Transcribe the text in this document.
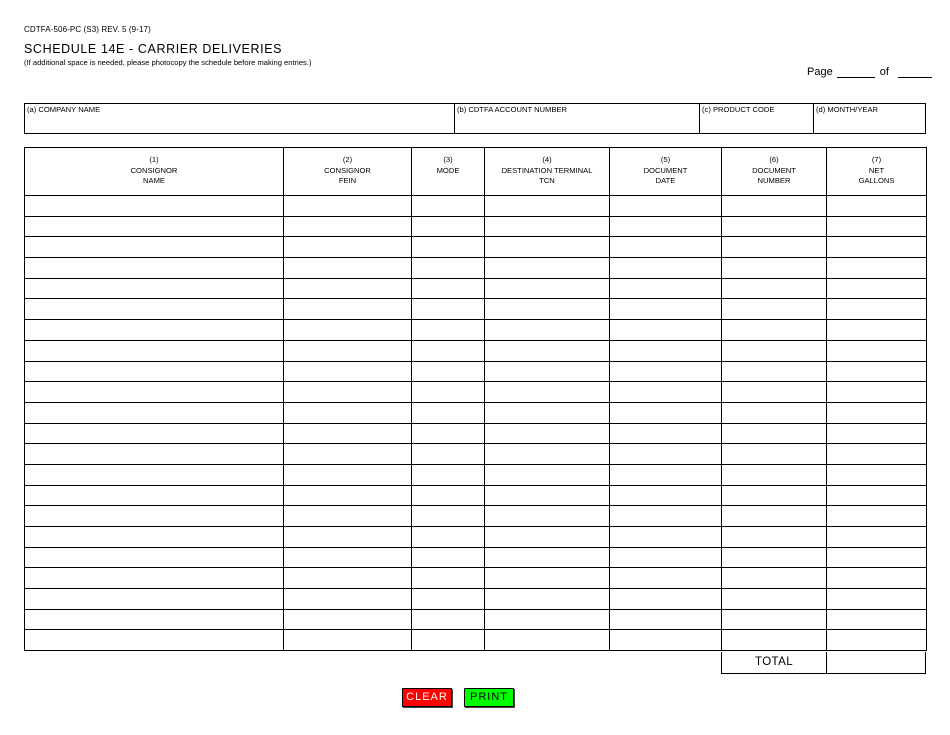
CDTFA-506-PC (S3) REV. 5 (9-17)
SCHEDULE 14E - CARRIER DELIVERIES
(If additional space is needed, please photocopy the schedule before making entries.)
Page	of
(a) COMPANY NAME	(b) CDTFA ACCOUNT NUMBER	(c) PRODUCT CODE	(d) MONTH/YEAR
(1)
CONSIGNOR
NAME	(2)
CONSIGNOR
FEIN	(3)
MODE	(4)
DESTINATION TERMINAL
TCN	(5)
DOCUMENT
DATE	(6)
DOCUMENT
NUMBER	(7)
NET
GALLONS

TOTAL
CLEAR	PRINT
